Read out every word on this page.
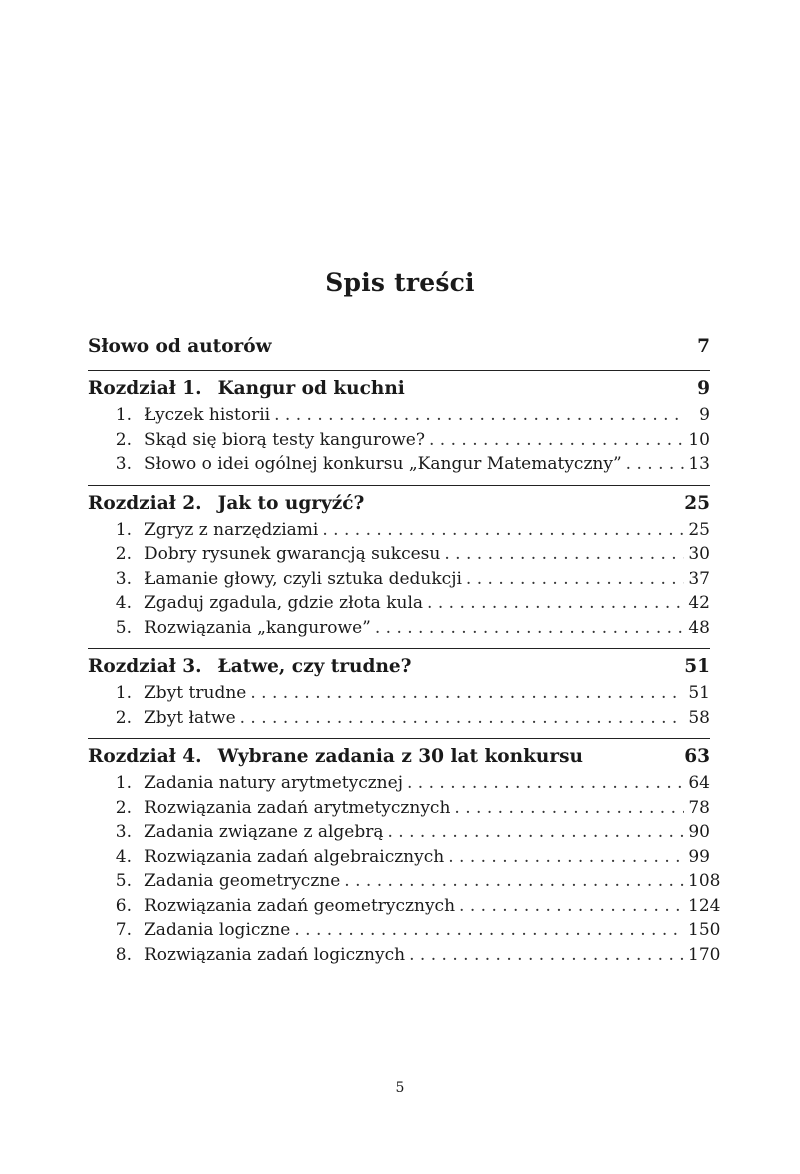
Spis treści
Słowo od autorów	7
Rozdział 1. Kangur od kuchni	9
1. Łyczek historii . . .	9
2. Skąd się biorą testy kangurowe? . . .	10
3. Słowo o idei ogólnej konkursu „Kangur Matematyczny” . . .	13
Rozdział 2. Jak to ugryźć?	25
1. Zgryz z narzędziami . . .	25
2. Dobry rysunek gwarancją sukcesu . . .	30
3. Łamanie głowy, czyli sztuka dedukcji . . .	37
4. Zgaduj zgadula, gdzie złota kula . . .	42
5. Rozwiązania „kangurowe” . . .	48
Rozdział 3. Łatwe, czy trudne?	51
1. Zbyt trudne . . .	51
2. Zbyt łatwe . . .	58
Rozdział 4. Wybrane zadania z 30 lat konkursu	63
1. Zadania natury arytmetycznej . . .	64
2. Rozwiązania zadań arytmetycznych . . .	78
3. Zadania związane z algebrą . . .	90
4. Rozwiązania zadań algebraicznych . . .	99
5. Zadania geometryczne . . .	108
6. Rozwiązania zadań geometrycznych . . .	124
7. Zadania logiczne . . .	150
8. Rozwiązania zadań logicznych . . .	170
5
